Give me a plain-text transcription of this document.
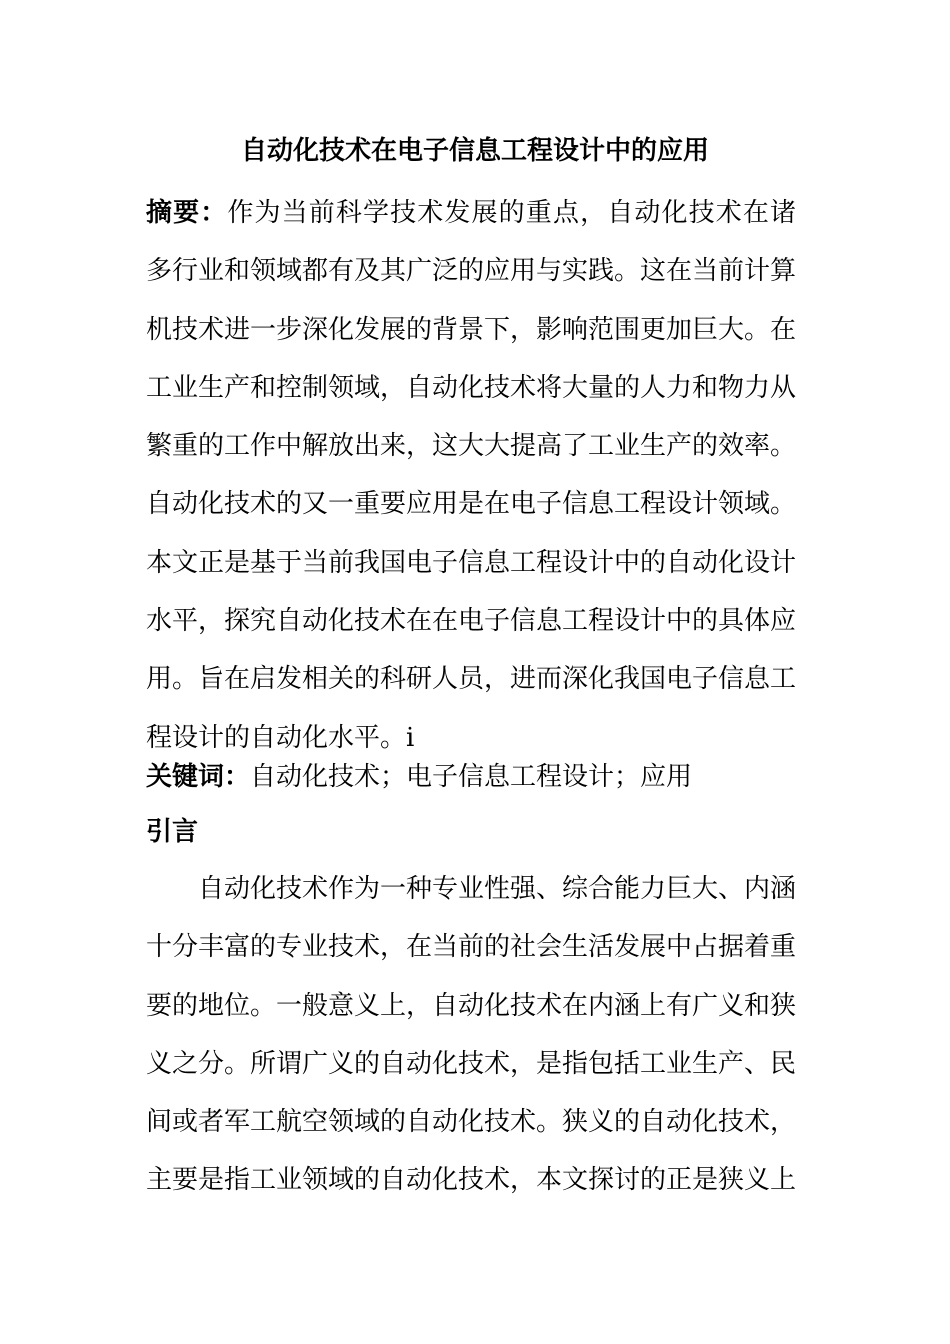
自动化技术在电子信息工程设计中的应用

摘要：作为当前科学技术发展的重点，自动化技术在诸多行业和领域都有及其广泛的应用与实践。这在当前计算机技术进一步深化发展的背景下，影响范围更加巨大。在工业生产和控制领域，自动化技术将大量的人力和物力从繁重的工作中解放出来，这大大提高了工业生产的效率。自动化技术的又一重要应用是在电子信息工程设计领域。本文正是基于当前我国电子信息工程设计中的自动化设计水平，探究自动化技术在在电子信息工程设计中的具体应用。旨在启发相关的科研人员，进而深化我国电子信息工程设计的自动化水平。i

关键词：自动化技术；电子信息工程设计；应用

引言

自动化技术作为一种专业性强、综合能力巨大、内涵十分丰富的专业技术，在当前的社会生活发展中占据着重要的地位。一般意义上，自动化技术在内涵上有广义和狭义之分。所谓广义的自动化技术，是指包括工业生产、民间或者军工航空领域的自动化技术。狭义的自动化技术，主要是指工业领域的自动化技术，本文探讨的正是狭义上
